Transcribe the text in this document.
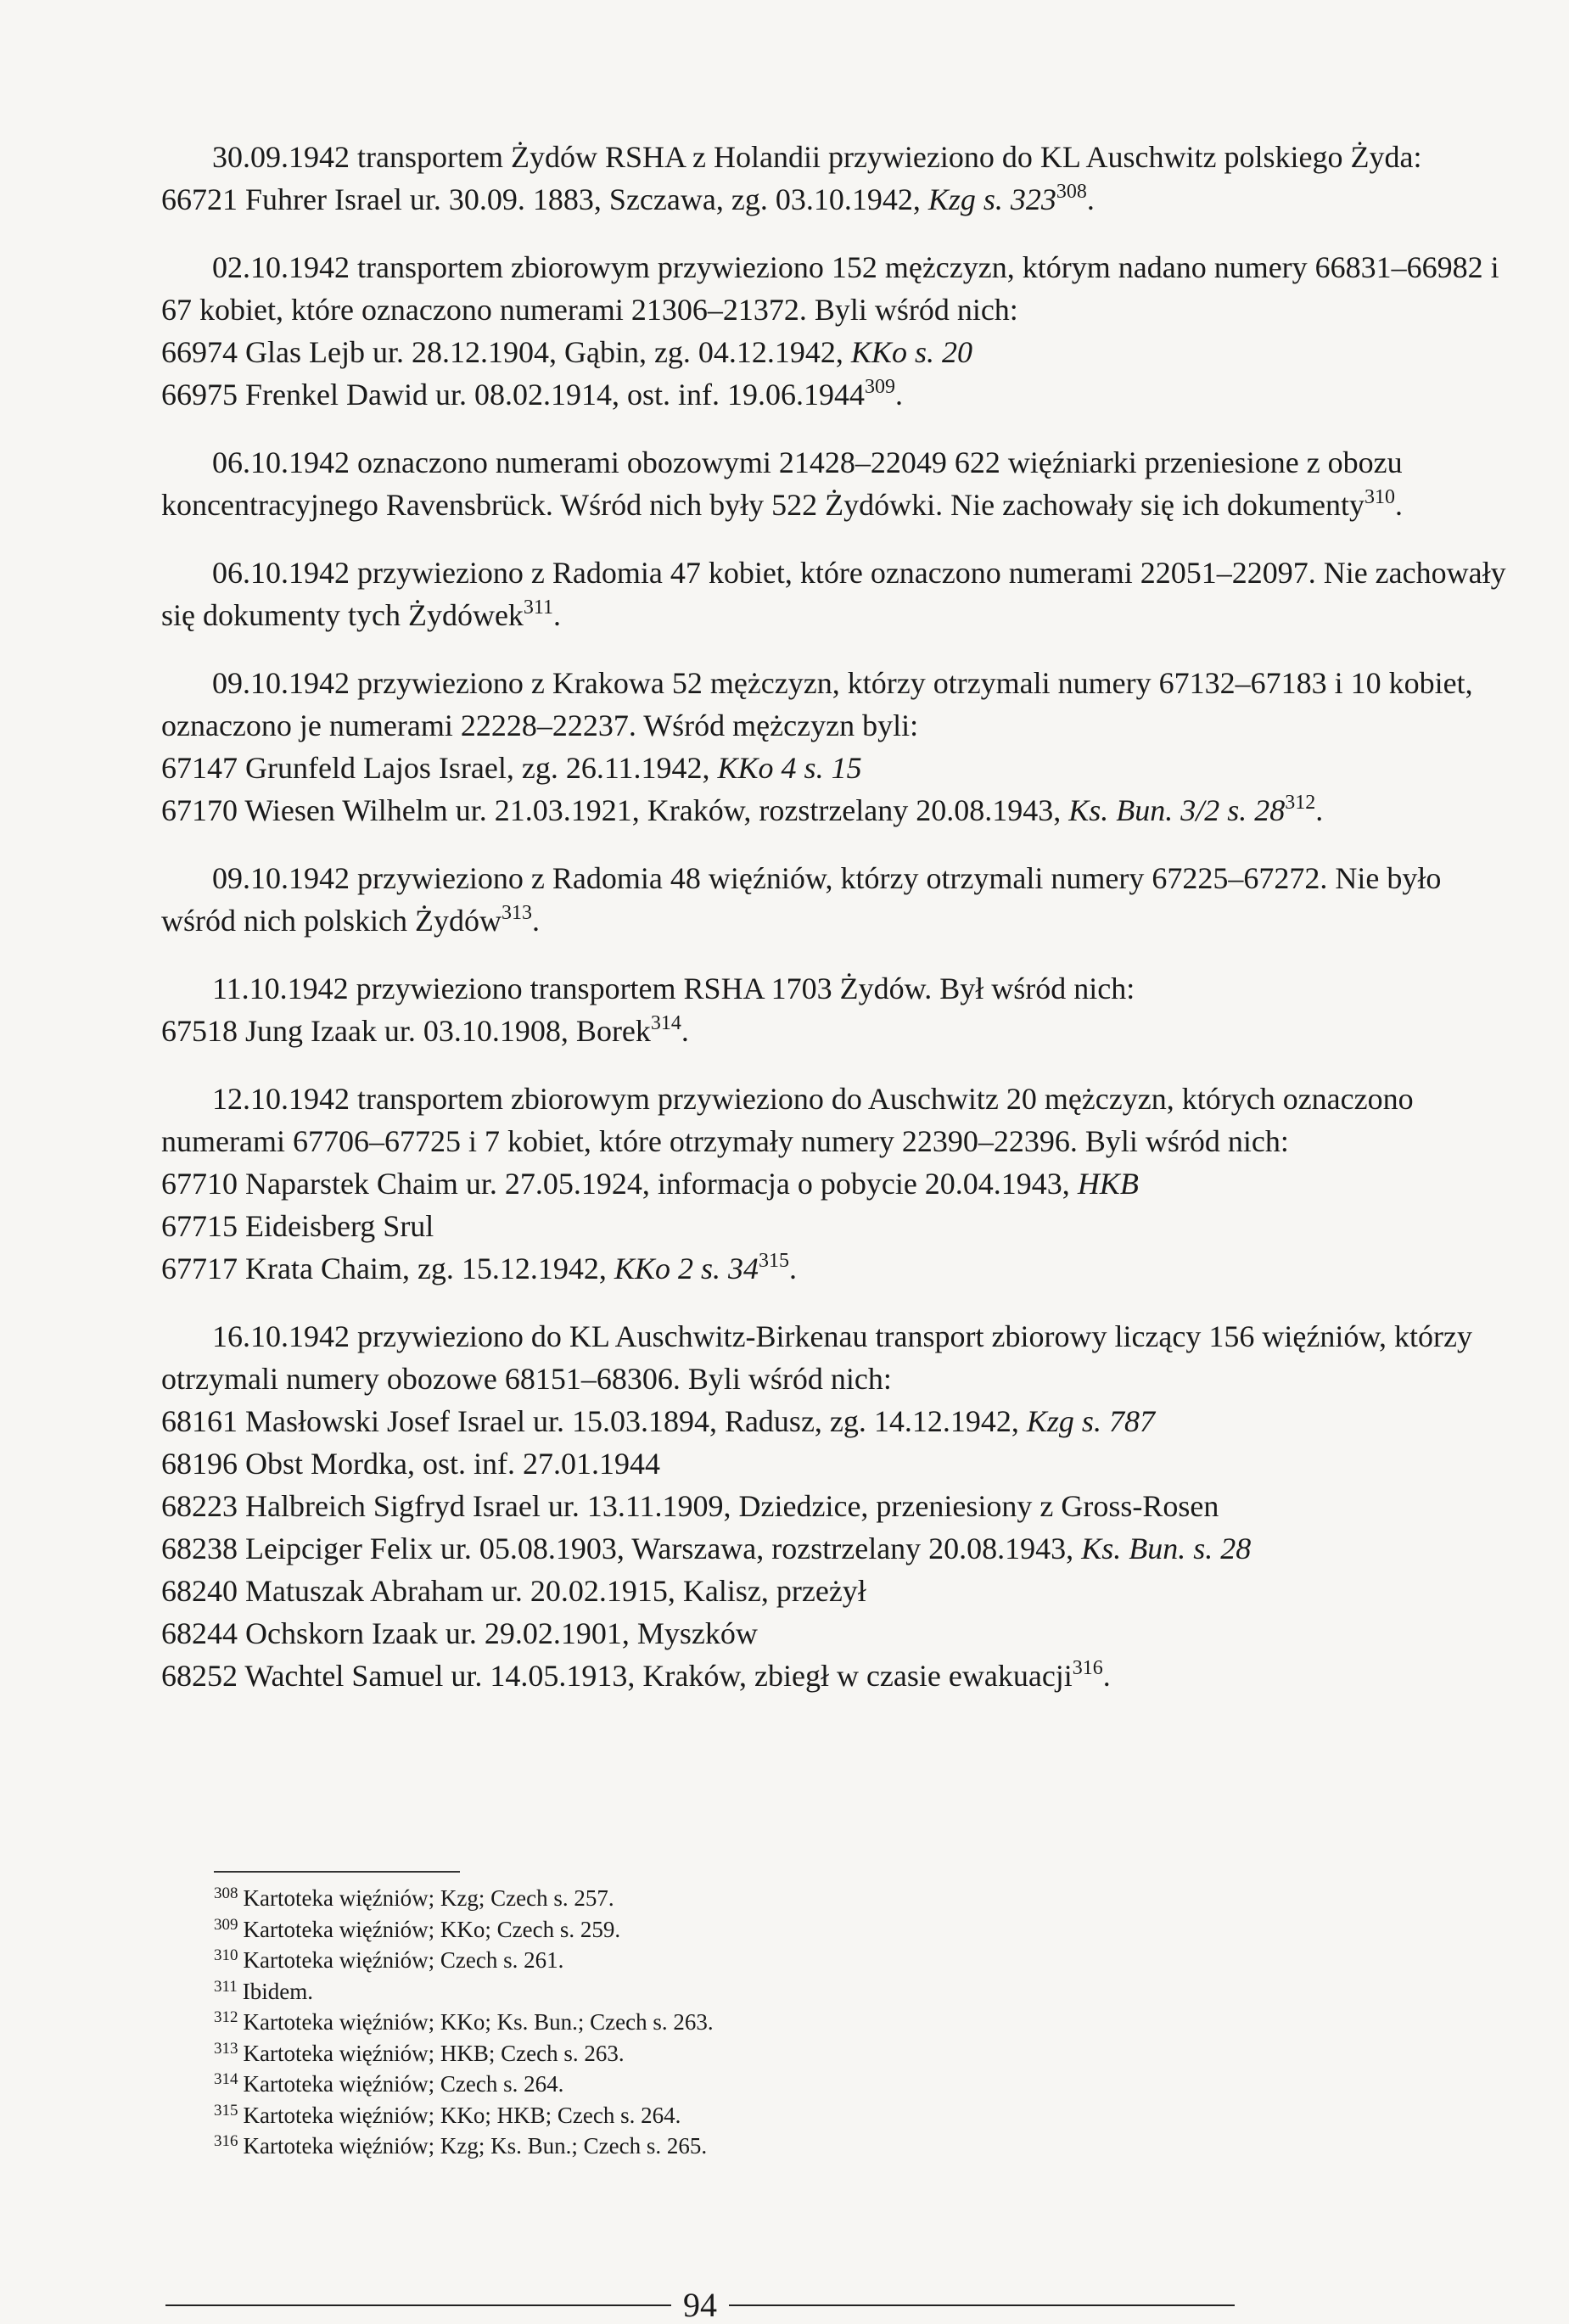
30.09.1942 transportem Żydów RSHA z Holandii przywieziono do KL Auschwitz polskiego Żyda:

66721 Fuhrer Israel ur. 30.09. 1883, Szczawa, zg. 03.10.1942, Kzg s. $323^{308}$.

02.10.1942 transportem zbiorowym przywieziono 152 mężczyzn, którym nadano numery 66831–66982 i 67 kobiet, które oznaczono numerami 21306–21372. Byli wśród nich:

66974 Glas Lejb ur. 28.12.1904, Gąbin, zg. 04.12.1942, KKo s. 20

66975 Frenkel Dawid ur. 08.02.1914, ost. inf. 19.06.1944$^{309}$.

06.10.1942 oznaczono numerami obozowymi 21428–22049 622 więźniarki przeniesione z obozu koncentracyjnego Ravensbrück. Wśród nich były 522 Żydówki. Nie zachowały się ich dokumenty$^{310}$.

06.10.1942 przywieziono z Radomia 47 kobiet, które oznaczono numerami 22051–22097. Nie zachowały się dokumenty tych Żydówek$^{311}$.

09.10.1942 przywieziono z Krakowa 52 mężczyzn, którzy otrzymali numery 67132–67183 i 10 kobiet, oznaczono je numerami 22228–22237. Wśród mężczyzn byli:

67147 Grunfeld Lajos Israel, zg. 26.11.1942, KKo 4 s. 15

67170 Wiesen Wilhelm ur. 21.03.1921, Kraków, rozstrzelany 20.08.1943, Ks. Bun. 3/2 s. $28^{312}$.

09.10.1942 przywieziono z Radomia 48 więźniów, którzy otrzymali numery 67225–67272. Nie było wśród nich polskich Żydów$^{313}$.

11.10.1942 przywieziono transportem RSHA 1703 Żydów. Był wśród nich:

67518 Jung Izaak ur. 03.10.1908, Borek$^{314}$.

12.10.1942 transportem zbiorowym przywieziono do Auschwitz 20 mężczyzn, których oznaczono numerami 67706–67725 i 7 kobiet, które otrzymały numery 22390–22396. Byli wśród nich:

67710 Naparstek Chaim ur. 27.05.1924, informacja o pobycie 20.04.1943, HKB

67715 Eideisberg Srul

67717 Krata Chaim, zg. 15.12.1942, KKo 2 s. $34^{315}$.

16.10.1942 przywieziono do KL Auschwitz-Birkenau transport zbiorowy liczący 156 więźniów, którzy otrzymali numery obozowe 68151–68306. Byli wśród nich:

68161 Masłowski Josef Israel ur. 15.03.1894, Radusz, zg. 14.12.1942, Kzg s. 787

68196 Obst Mordka, ost. inf. 27.01.1944

68223 Halbreich Sigfryd Israel ur. 13.11.1909, Dziedzice, przeniesiony z Gross-Rosen

68238 Leipciger Felix ur. 05.08.1903, Warszawa, rozstrzelany 20.08.1943, Ks. Bun. s. 28

68240 Matuszak Abraham ur. 20.02.1915, Kalisz, przeżył

68244 Ochskorn Izaak ur. 29.02.1901, Myszków

68252 Wachtel Samuel ur. 14.05.1913, Kraków, zbiegł w czasie ewakuacji$^{316}$.

$^{308}$ Kartoteka więźniów; Kzg; Czech s. 257.

$^{309}$ Kartoteka więźniów; KKo; Czech s. 259.

$^{310}$ Kartoteka więźniów; Czech s. 261.

$^{311}$ Ibidem.

$^{312}$ Kartoteka więźniów; KKo; Ks. Bun.; Czech s. 263.

$^{313}$ Kartoteka więźniów; HKB; Czech s. 263.

$^{314}$ Kartoteka więźniów; Czech s. 264.

$^{315}$ Kartoteka więźniów; KKo; HKB; Czech s. 264.

$^{316}$ Kartoteka więźniów; Kzg; Ks. Bun.; Czech s. 265.

94
